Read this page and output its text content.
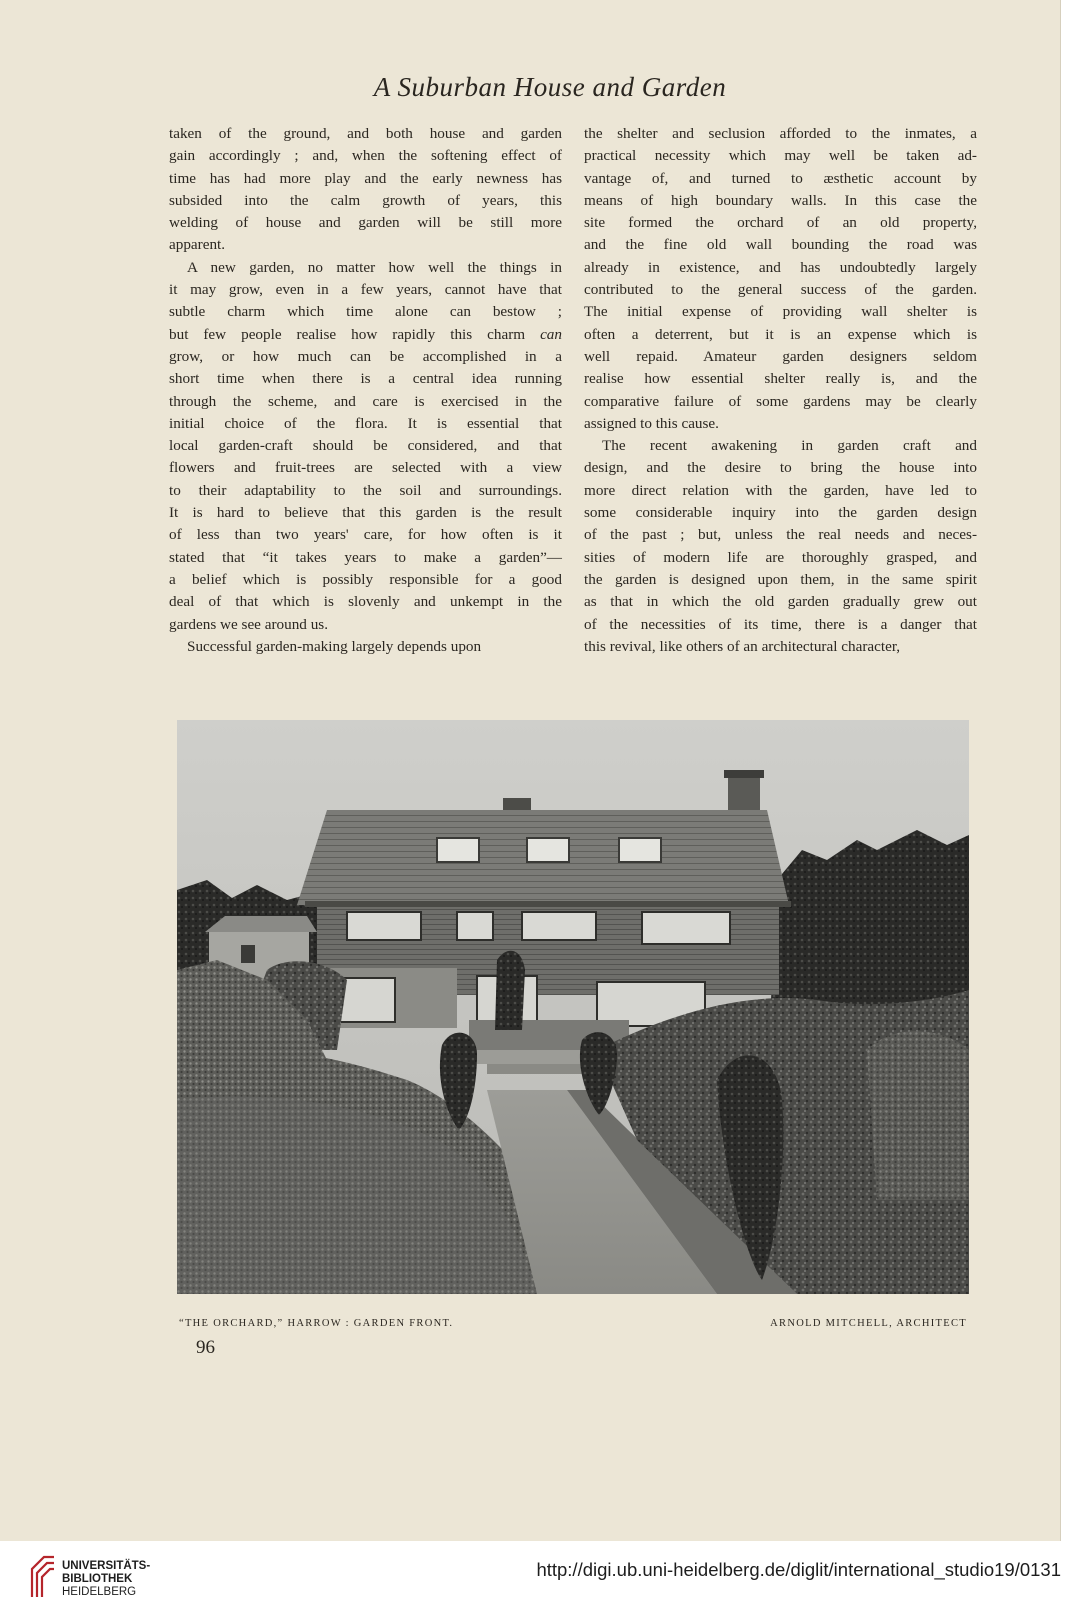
A Suburban House and Garden

taken of the ground, and both house and garden
gain accordingly ; and, when the softening effect of
time has had more play and the early newness has
subsided into the calm growth of years, this
welding of house and garden will be still more
apparent.

A new garden, no matter how well the things in
it may grow, even in a few years, cannot have that
subtle charm which time alone can bestow ;
but few people realise how rapidly this charm can
grow, or how much can be accomplished in a
short time when there is a central idea running
through the scheme, and care is exercised in the
initial choice of the flora. It is essential that
local garden-craft should be considered, and that
flowers and fruit-trees are selected with a view
to their adaptability to the soil and surroundings.
It is hard to believe that this garden is the result
of less than two years' care, for how often is it
stated that “it takes years to make a garden”—
a belief which is possibly responsible for a good
deal of that which is slovenly and unkempt in the
gardens we see around us.

Successful garden-making largely depends upon

the shelter and seclusion afforded to the inmates, a
practical necessity which may well be taken ad-
vantage of, and turned to æsthetic account by
means of high boundary walls. In this case the
site formed the orchard of an old property,
and the fine old wall bounding the road was
already in existence, and has undoubtedly largely
contributed to the general success of the garden.
The initial expense of providing wall shelter is
often a deterrent, but it is an expense which is
well repaid. Amateur garden designers seldom
realise how essential shelter really is, and the
comparative failure of some gardens may be clearly
assigned to this cause.

The recent awakening in garden craft and
design, and the desire to bring the house into
more direct relation with the garden, have led to
some considerable inquiry into the garden design
of the past ; but, unless the real needs and neces-
sities of modern life are thoroughly grasped, and
the garden is designed upon them, in the same spirit
as that in which the old garden gradually grew out
of the necessities of its time, there is a danger that
this revival, like others of an architectural character,

“THE ORCHARD,” HARROW : GARDEN FRONT.	ARNOLD MITCHELL, ARCHITECT
96
UNIVERSITÄTS-
BIBLIOTHEK
HEIDELBERG
http://digi.ub.uni-heidelberg.de/diglit/international_studio19/0131
